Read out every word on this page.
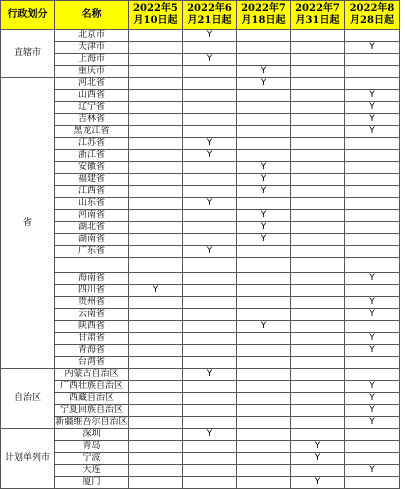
行政划分	名称	2022年5月10日起	2022年6月21日起	2022年7月18日起	2022年7月31日起	2022年8月28日起
直辖市	北京市		Y			
	天津市					Y
	上海市		Y			
	重庆市			Y		
省	河北省			Y		
	山西省					Y
	辽宁省					Y
	吉林省					Y
	黑龙江省					Y
	江苏省		Y			
	浙江省		Y			
	安徽省			Y		
	福建省			Y		
	江西省			Y		
	山东省		Y			
	河南省			Y		
	湖北省			Y		
	湖南省			Y		
	广东省		Y			

	海南省					Y
	四川省	Y				
	贵州省					Y
	云南省					Y
	陕西省			Y		
	甘肃省					Y
	青海省					Y
	台湾省					
自治区	内蒙古自治区		Y			
	广西壮族自治区					Y
	西藏自治区					Y
	宁夏回族自治区					Y
	新疆维吾尔自治区					Y
计划单列市	深圳		Y			
	青岛				Y	
	宁波				Y	
	大连					Y
	厦门				Y	
